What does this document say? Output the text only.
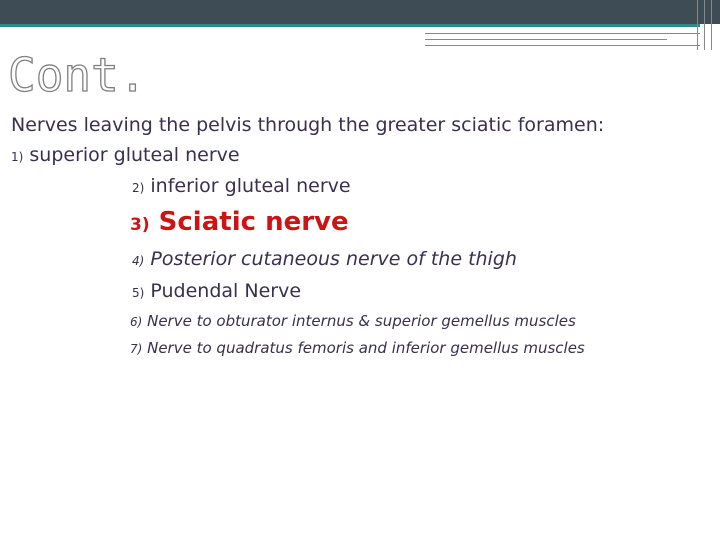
Cont.
Nerves leaving the pelvis through the greater sciatic foramen:
1) superior gluteal nerve
2) inferior gluteal nerve
3) Sciatic nerve
4) Posterior cutaneous nerve of the thigh
5) Pudendal Nerve
6) Nerve to obturator internus & superior gemellus muscles
7) Nerve to quadratus femoris and inferior gemellus muscles
